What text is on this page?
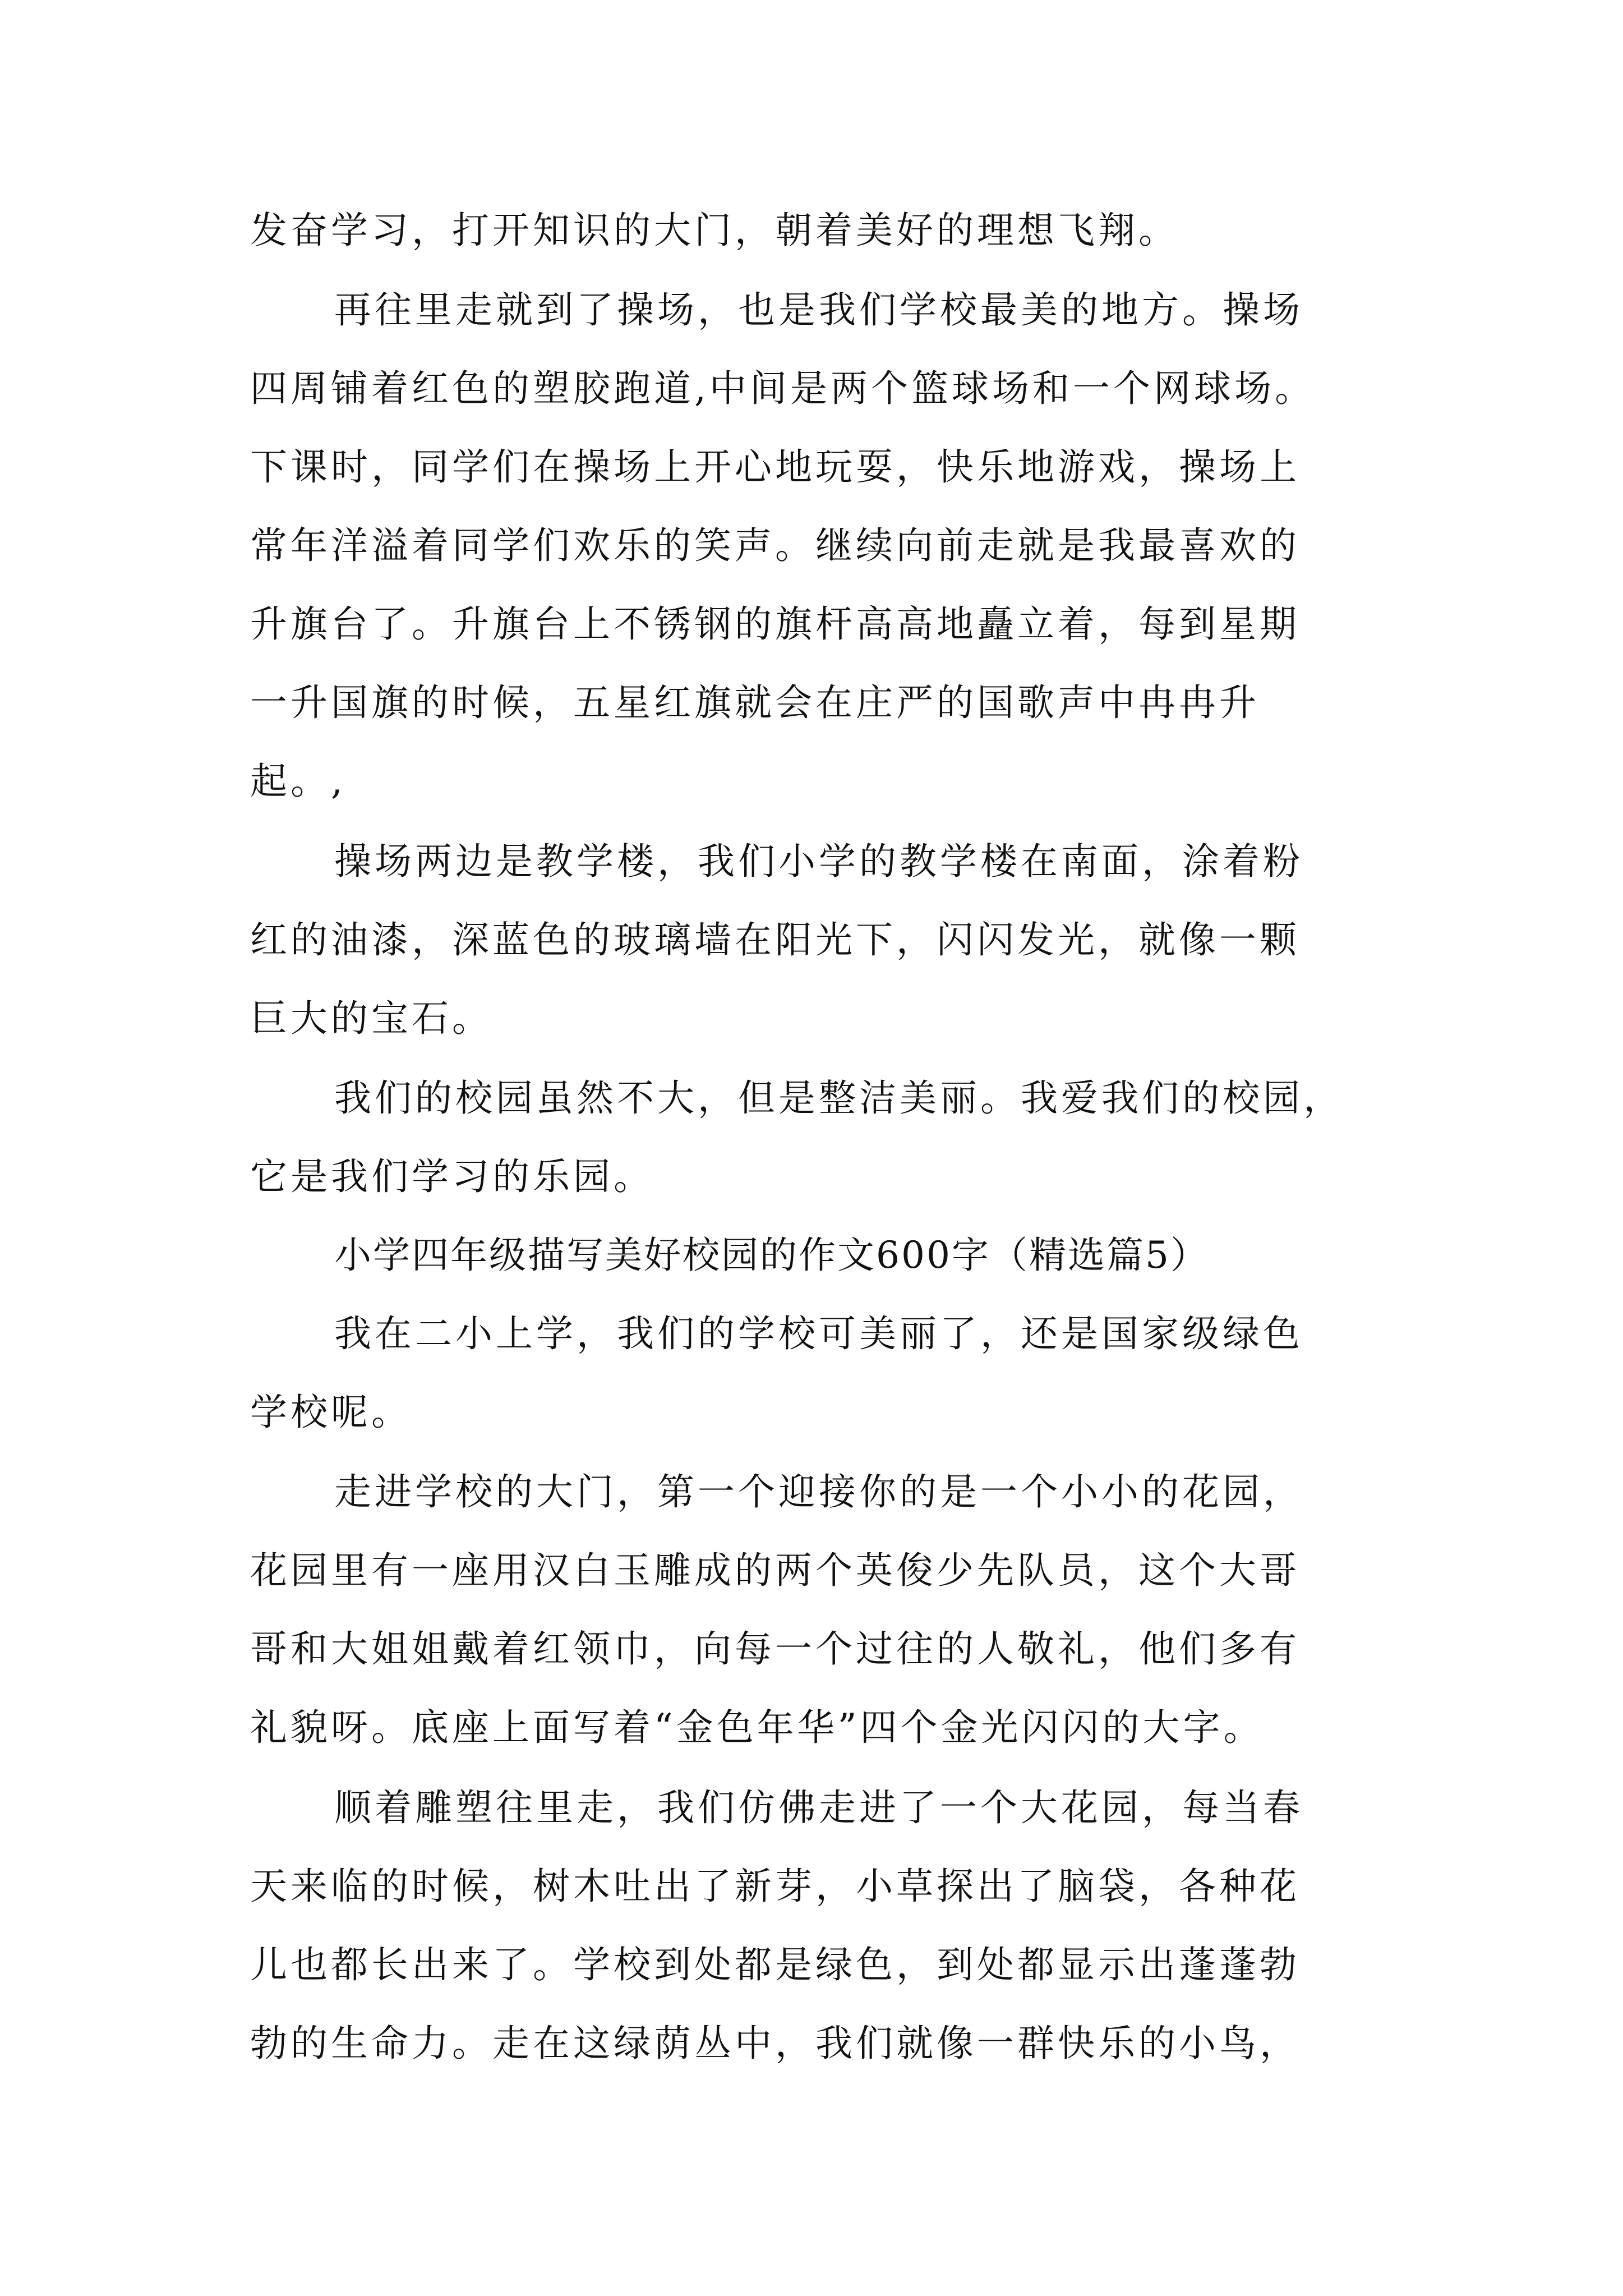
发奋学习，打开知识的大门，朝着美好的理想飞翔。
再往里走就到了操场，也是我们学校最美的地方。操场
四周铺着红色的塑胶跑道,中间是两个篮球场和一个网球场。
下课时，同学们在操场上开心地玩耍，快乐地游戏，操场上
常年洋溢着同学们欢乐的笑声。继续向前走就是我最喜欢的
升旗台了。升旗台上不锈钢的旗杆高高地矗立着，每到星期
一升国旗的时候，五星红旗就会在庄严的国歌声中冉冉升
起。,
操场两边是教学楼，我们小学的教学楼在南面，涂着粉
红的油漆，深蓝色的玻璃墙在阳光下，闪闪发光，就像一颗
巨大的宝石。
我们的校园虽然不大，但是整洁美丽。我爱我们的校园，
它是我们学习的乐园。
小学四年级描写美好校园的作文600字（精选篇5）
我在二小上学，我们的学校可美丽了，还是国家级绿色
学校呢。
走进学校的大门，第一个迎接你的是一个小小的花园，
花园里有一座用汉白玉雕成的两个英俊少先队员，这个大哥
哥和大姐姐戴着红领巾，向每一个过往的人敬礼，他们多有
礼貌呀。底座上面写着“金色年华”四个金光闪闪的大字。
顺着雕塑往里走，我们仿佛走进了一个大花园，每当春
天来临的时候，树木吐出了新芽，小草探出了脑袋，各种花
儿也都长出来了。学校到处都是绿色，到处都显示出蓬蓬勃
勃的生命力。走在这绿荫丛中，我们就像一群快乐的小鸟，
